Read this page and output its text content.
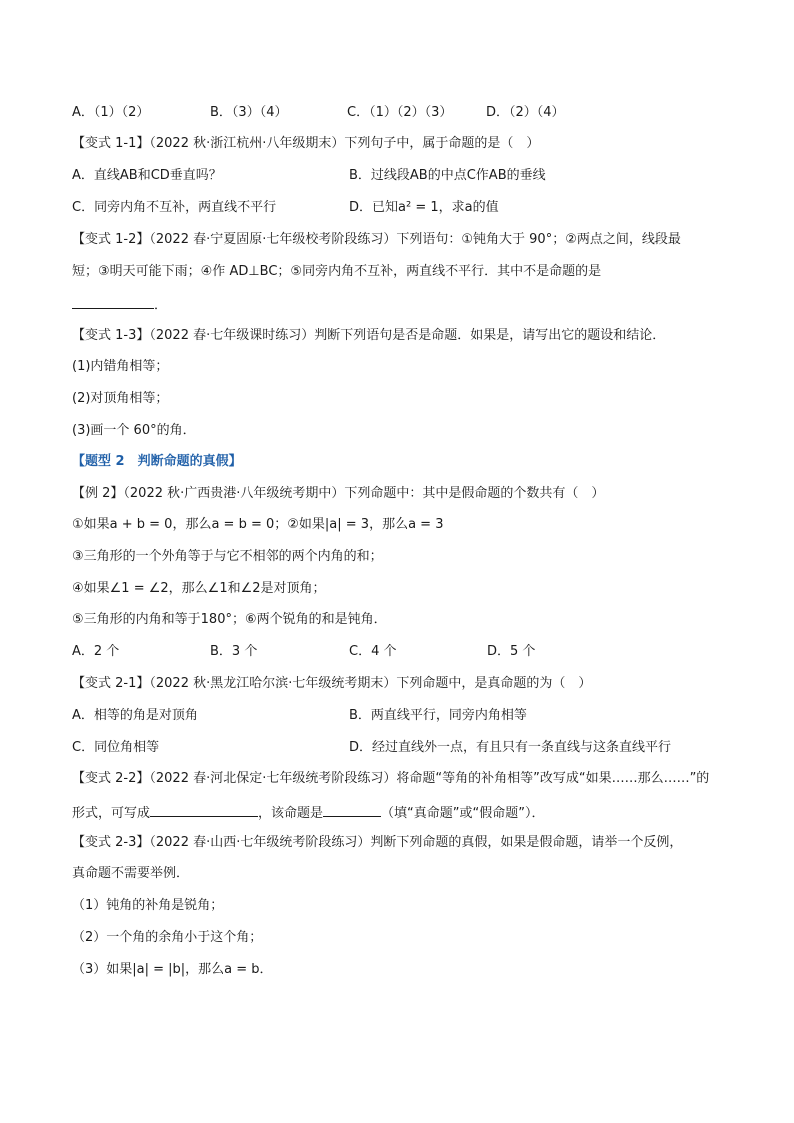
A．（1）（2）	B．（3）（4）	C．（1）（2）（3）	D．（2）（4）
【变式 1-1】（2022 秋·浙江杭州·八年级期末）下列句子中，属于命题的是（　）
A．直线AB和CD垂直吗？	B．过线段AB的中点C作AB的垂线
C．同旁内角不互补，两直线不平行	D．已知a² = 1，求a的值
【变式 1-2】（2022 春·宁夏固原·七年级校考阶段练习）下列语句：①钝角大于 90°；②两点之间，线段最
短；③明天可能下雨；④作 AD⊥BC；⑤同旁内角不互补，两直线不平行．其中不是命题的是
．
【变式 1-3】（2022 春·七年级课时练习）判断下列语句是否是命题．如果是，请写出它的题设和结论．
(1)内错角相等；
(2)对顶角相等；
(3)画一个 60°的角．
【题型 2　判断命题的真假】
【例 2】（2022 秋·广西贵港·八年级统考期中）下列命题中：其中是假命题的个数共有（　）
①如果a + b = 0，那么a = b = 0；②如果|a| = 3，那么a = 3
③三角形的一个外角等于与它不相邻的两个内角的和；
④如果∠1 = ∠2，那么∠1和∠2是对顶角；
⑤三角形的内角和等于180°；⑥两个锐角的和是钝角．
A．2 个	B．3 个	C．4 个	D．5 个
【变式 2-1】（2022 秋·黑龙江哈尔滨·七年级统考期末）下列命题中，是真命题的为（　）
A．相等的角是对顶角	B．两直线平行，同旁内角相等
C．同位角相等	D．经过直线外一点，有且只有一条直线与这条直线平行
【变式 2-2】（2022 春·河北保定·七年级统考阶段练习）将命题“等角的补角相等”改写成“如果……那么……”的
形式，可写成	，该命题是	（填“真命题”或“假命题”）．
【变式 2-3】（2022 春·山西·七年级统考阶段练习）判断下列命题的真假，如果是假命题，请举一个反例，
真命题不需要举例．
（1）钝角的补角是锐角；
（2）一个角的余角小于这个角；
（3）如果|a| = |b|，那么a = b．
